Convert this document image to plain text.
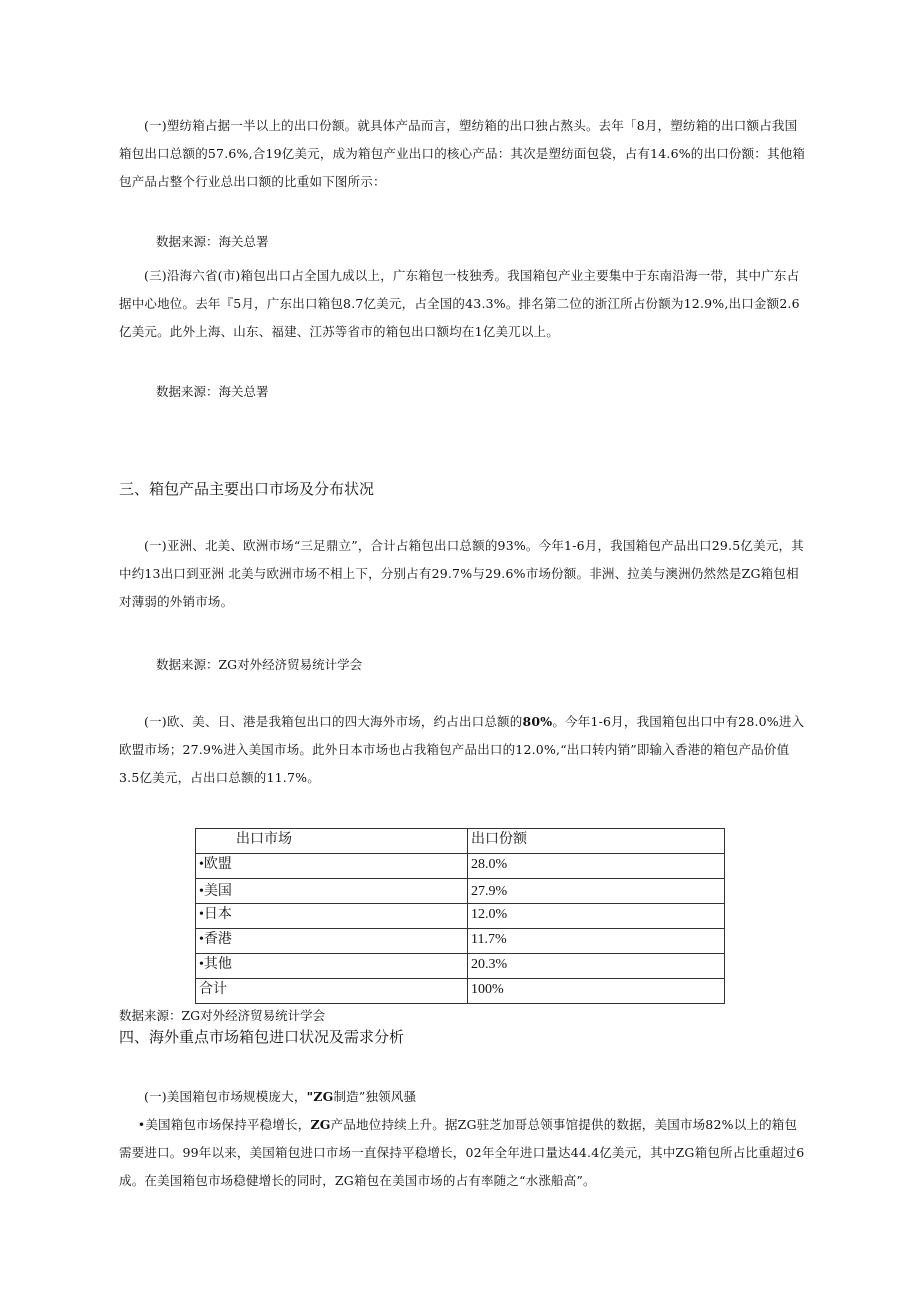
(一)塑纺箱占据一半以上的出口份额。就具体产品而言，塑纺箱的出口独占熬头。去年「8月，塑纺箱的出口额占我国箱包出口总额的57.6%,合19亿美元，成为箱包产业出口的核心产品：其次是塑纺面包袋，占有14.6%的出口份额：其他箱包产品占整个行业总出口额的比重如下图所示：

数据来源：海关总署

(三)沿海六省(市)箱包出口占全国九成以上，广东箱包一枝独秀。我国箱包产业主要集中于东南沿海一带，其中广东占据中心地位。去年『5月，广东出口箱包8.7亿美元，占全国的43.3%。排名第二位的浙江所占份额为12.9%,出口金额2.6亿美元。此外上海、山东、福建、江苏等省市的箱包出口额均在1亿美兀以上。

数据来源：海关总署

三、箱包产品主要出口市场及分布状况

(一)亚洲、北美、欧洲市场“三足鼎立”，合计占箱包出口总额的93%。今年1-6月，我国箱包产品出口29.5亿美元，其中约13出口到亚洲 北美与欧洲市场不相上下，分别占有29.7%与29.6%市场份额。非洲、拉美与澳洲仍然然是ZG箱包相对薄弱的外销市场。

数据来源：ZG对外经济贸易统计学会

(一)欧、美、日、港是我箱包出口的四大海外市场，约占出口总额的80%。今年1-6月，我国箱包出口中有28.0%进入欧盟市场；27.9%进入美国市场。此外日本市场也占我箱包产品出口的12.0%,“出口转内销”即输入香港的箱包产品价值3.5亿美元，占出口总额的11.7%。

出口市场	出口份额
•欧盟	28.0%
•美国	27.9%
•日本	12.0%
•香港	11.7%
•其他	20.3%
合计	100%

数据来源：ZG对外经济贸易统计学会

四、海外重点市场箱包进口状况及需求分析

(一)美国箱包市场规模庞大，"ZG制造”独领风骚

•美国箱包市场保持平稳增长，ZG产品地位持续上升。据ZG驻芝加哥总领事馆提供的数据，美国市场82%以上的箱包需要进口。99年以来，美国箱包进口市场一直保持平稳增长，02年全年进口量达44.4亿美元，其中ZG箱包所占比重超过6成。在美国箱包市场稳健增长的同时，ZG箱包在美国市场的占有率随之“水涨船高”。
